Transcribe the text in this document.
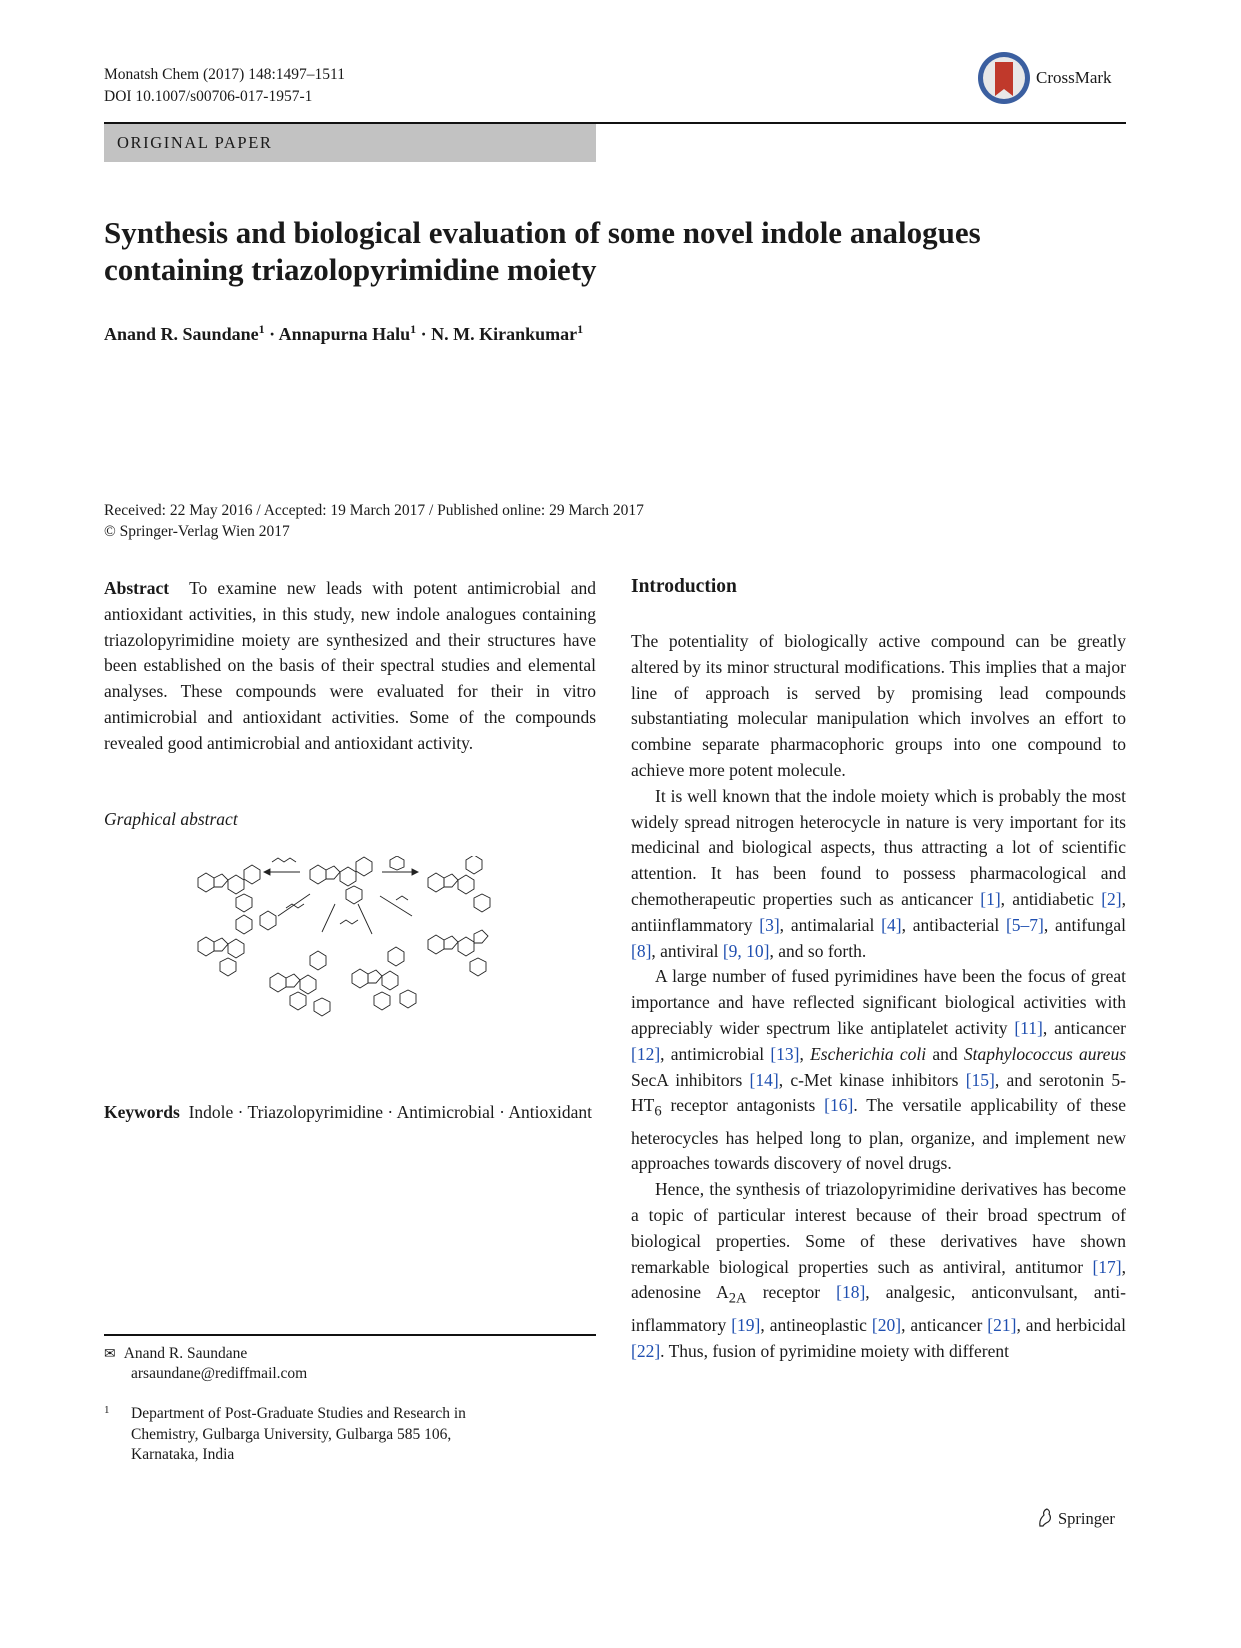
Monatsh Chem (2017) 148:1497–1511
DOI 10.1007/s00706-017-1957-1
CrossMark
ORIGINAL PAPER
Synthesis and biological evaluation of some novel indole analogues
containing triazolopyrimidine moiety
Anand R. Saundane$^1$ · Annapurna Halu$^1$ · N. M. Kirankumar$^1$
Received: 22 May 2016 / Accepted: 19 March 2017 / Published online: 29 March 2017
© Springer-Verlag Wien 2017
Abstract To examine new leads with potent antimicrobial and antioxidant activities, in this study, new indole analogues containing triazolopyrimidine moiety are synthesized and their structures have been established on the basis of their spectral studies and elemental analyses. These compounds were evaluated for their in vitro antimicrobial and antioxidant activities. Some of the compounds revealed good antimicrobial and antioxidant activity.
Graphical abstract
Keywords Indole · Triazolopyrimidine · Antimicrobial · Antioxidant
✉ Anand R. Saundane
arsaundane@rediffmail.com
1 Department of Post-Graduate Studies and Research in
Chemistry, Gulbarga University, Gulbarga 585 106,
Karnataka, India
Introduction

The potentiality of biologically active compound can be greatly altered by its minor structural modifications. This implies that a major line of approach is served by promising lead compounds substantiating molecular manipulation which involves an effort to combine separate pharmacophoric groups into one compound to achieve more potent molecule.

It is well known that the indole moiety which is probably the most widely spread nitrogen heterocycle in nature is very important for its medicinal and biological aspects, thus attracting a lot of scientific attention. It has been found to possess pharmacological and chemotherapeutic properties such as anticancer [1], antidiabetic [2], antiinflammatory [3], antimalarial [4], antibacterial [5–7], antifungal [8], antiviral [9, 10], and so forth.

A large number of fused pyrimidines have been the focus of great importance and have reflected significant biological activities with appreciably wider spectrum like antiplatelet activity [11], anticancer [12], antimicrobial [13], Escherichia coli and Staphylococcus aureus SecA inhibitors [14], c-Met kinase inhibitors [15], and serotonin $5-HT_6$ receptor antagonists [16]. The versatile applicability of these heterocycles has helped long to plan, organize, and implement new approaches towards discovery of novel drugs.

Hence, the synthesis of triazolopyrimidine derivatives has become a topic of particular interest because of their broad spectrum of biological properties. Some of these derivatives have shown remarkable biological properties such as antiviral, antitumor [17], adenosine $A_{2A}$ receptor [18], analgesic, anticonvulsant, anti-inflammatory [19], antineoplastic [20], anticancer [21], and herbicidal [22]. Thus, fusion of pyrimidine moiety with different

Springer
